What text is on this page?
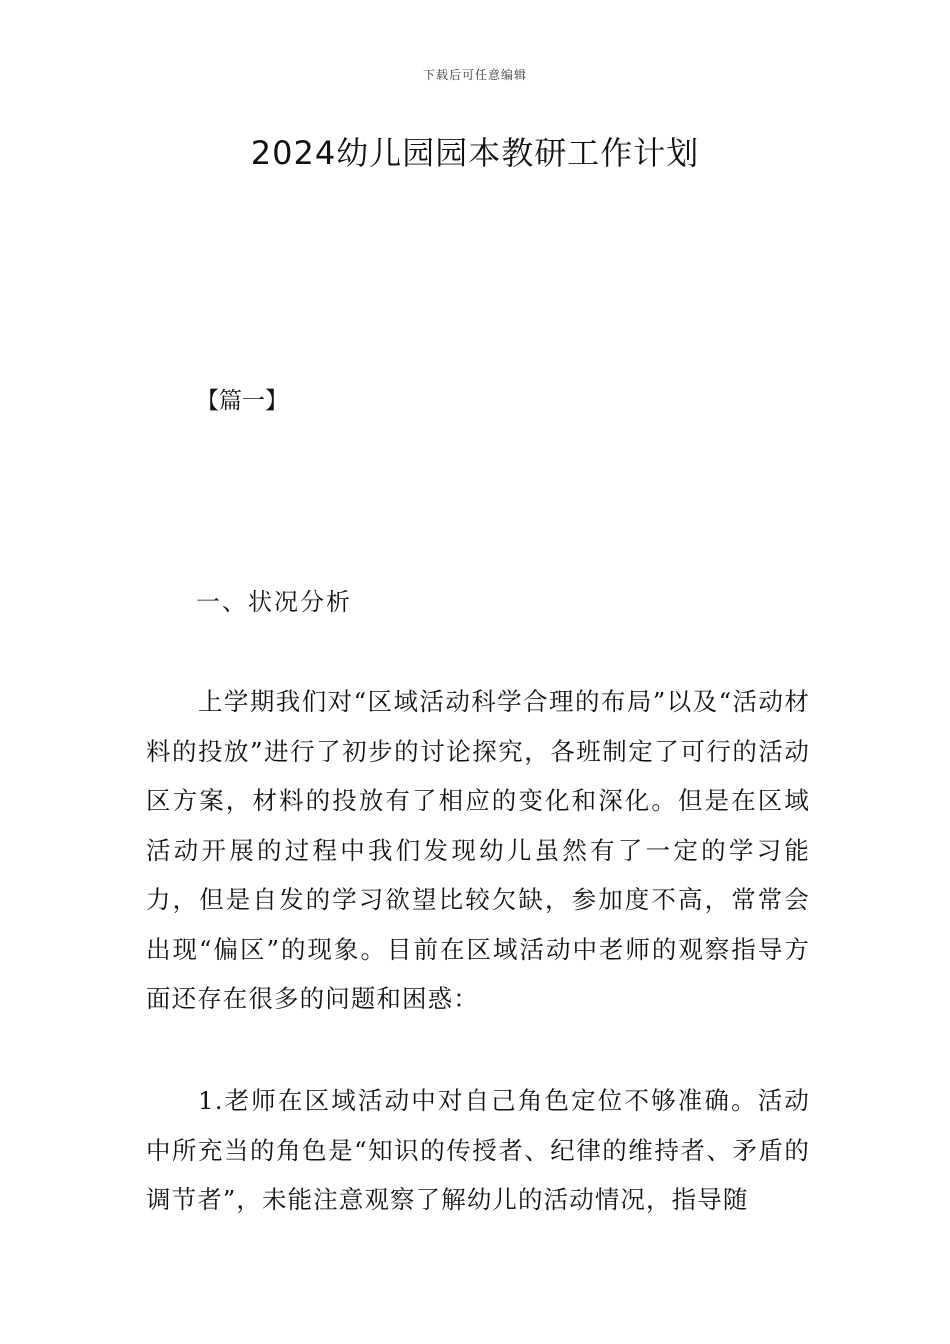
下载后可任意编辑
2024幼儿园园本教研工作计划
【篇一】
一、状况分析

上学期我们对“区域活动科学合理的布局”以及“活动材料的投放”进行了初步的讨论探究，各班制定了可行的活动区方案，材料的投放有了相应的变化和深化。但是在区域活动开展的过程中我们发现幼儿虽然有了一定的学习能力，但是自发的学习欲望比较欠缺，参加度不高，常常会出现“偏区”的现象。目前在区域活动中老师的观察指导方面还存在很多的问题和困惑：

1.老师在区域活动中对自己角色定位不够准确。活动中所充当的角色是“知识的传授者、纪律的维持者、矛盾的调节者”，未能注意观察了解幼儿的活动情况，指导随
